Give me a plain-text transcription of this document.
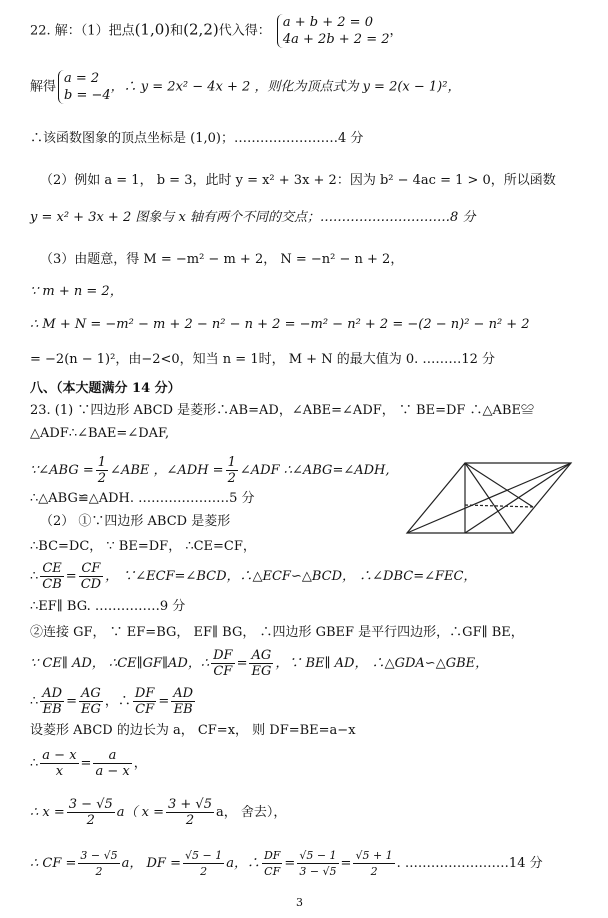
22. 解：（1）把点(1,0)和(2,2)代入得：
a + b + 2 = 0
4a + 2b + 2 = 2
，
解得
a = 2
b = −4
，∴ y = 2x² − 4x + 2 ，则化为顶点式为 y = 2(x − 1)²，
∴该函数图象的顶点坐标是 (1,0)；……………………4 分
（2）例如 a = 1， b = 3，此时 y = x² + 3x + 2：因为 b² − 4ac = 1 > 0，所以函数
y = x² + 3x + 2 图象与 x 轴有两个不同的交点；…………………………8 分
（3）由题意，得 M = −m² − m + 2， N = −n² − n + 2，
∵ m + n = 2，
∴ M + N = −m² − m + 2 − n² − n + 2 = −m² − n² + 2 = −(2 − n)² − n² + 2
= −2(n − 1)²，由−2<0，知当 n = 1时， M + N 的最大值为 0. ………12 分
八、（本大题满分 14 分）
23. (1) ∵四边形 ABCD 是菱形∴AB=AD，∠ABE=∠ADF， ∵ BE=DF ∴△ABE≌
△ADF∴∠BAE=∠DAF,
∵∠ABG = $\frac{1}{2}$ ∠ABE ，∠ADH = $\frac{1}{2}$ ∠ADF ∴∠ABG=∠ADH,
∴△ABG≌△ADH. …………………5 分
（2） ①∵四边形 ABCD 是菱形
∴BC=DC， ∵ BE=DF， ∴CE=CF，
∴ $\frac{CE}{CB} = \frac{CF}{CD}$ ， ∵∠ECF=∠BCD，∴△ECF∽△BCD， ∴∠DBC=∠FEC，
∴EF∥ BG. ……………9 分
②连接 GF， ∵ EF=BG， EF∥ BG， ∴四边形 GBEF 是平行四边形，∴GF∥ BE，
∵ CE∥ AD， ∴CE∥GF∥AD，∴ $\frac{DF}{CF} = \frac{AG}{EG}$ ，∵ BE∥ AD， ∴△GDA∽△GBE，
∴ $\frac{AD}{EB} = \frac{AG}{EG}$ ，∴ $\frac{DF}{CF} = \frac{AD}{EB}$
设菱形 ABCD 的边长为 a， CF=x， 则 DF=BE=a−x
∴ $\frac{a - x}{x} = \frac{a}{a - x}$ ，
∴ $x = \frac{3 - √5}{2} a$（ $x = \frac{3 + √5}{2}$ a， 舍去），
∴ CF = $\frac{3 - √5}{2}$ a， DF = $\frac{√5 - 1}{2}$ a，∴ $\frac{DF}{CF} = \frac{√5 - 1}{3 - √5} = \frac{√5 + 1}{2}$ . ……………………14 分
3
